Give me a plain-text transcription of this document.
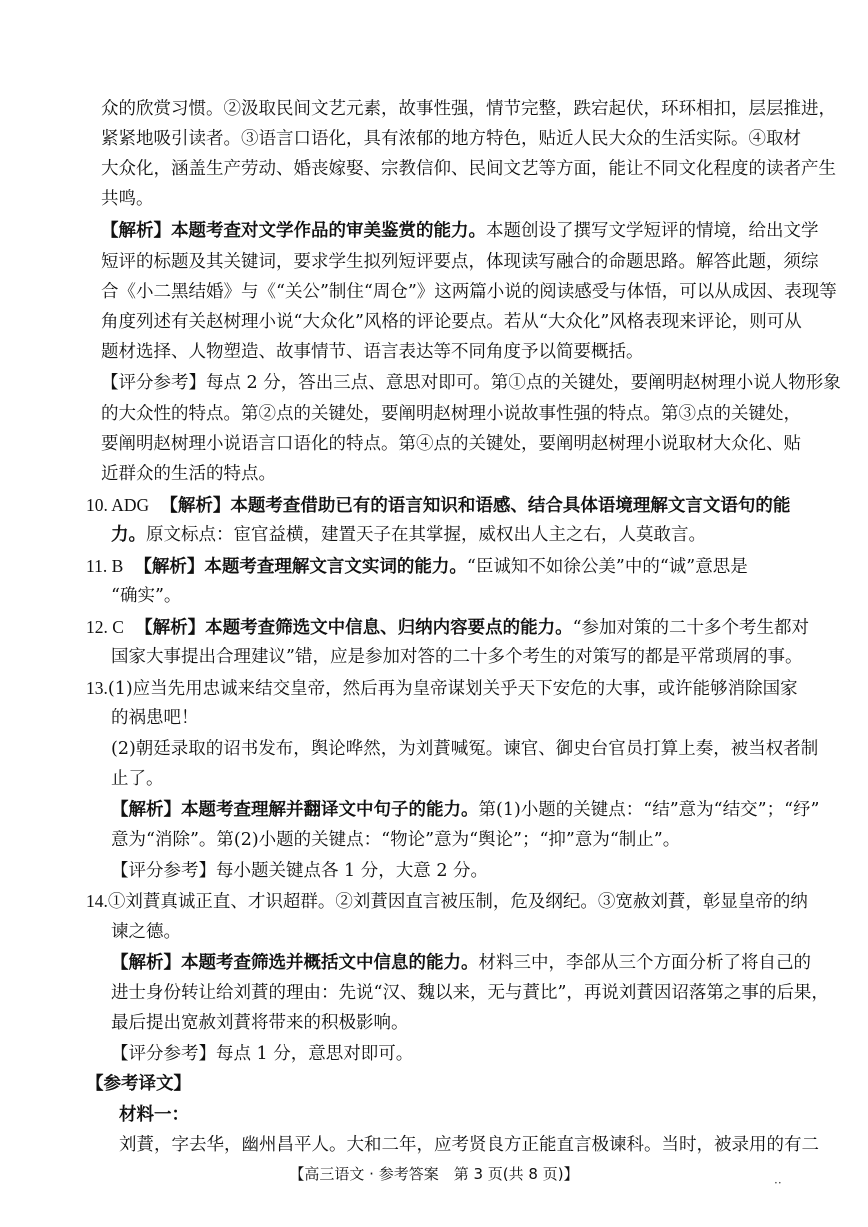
众的欣赏习惯。②汲取民间文艺元素，故事性强，情节完整，跌宕起伏，环环相扣，层层推进，
紧紧地吸引读者。③语言口语化，具有浓郁的地方特色，贴近人民大众的生活实际。④取材
大众化，涵盖生产劳动、婚丧嫁娶、宗教信仰、民间文艺等方面，能让不同文化程度的读者产生
共鸣。
【解析】本题考查对文学作品的审美鉴赏的能力。本题创设了撰写文学短评的情境，给出文学
短评的标题及其关键词，要求学生拟列短评要点，体现读写融合的命题思路。解答此题，须综
合《小二黑结婚》与《“关公”制住“周仓”》这两篇小说的阅读感受与体悟，可以从成因、表现等
角度列述有关赵树理小说“大众化”风格的评论要点。若从“大众化”风格表现来评论，则可从
题材选择、人物塑造、故事情节、语言表达等不同角度予以简要概括。
【评分参考】每点 2 分，答出三点、意思对即可。第①点的关键处，要阐明赵树理小说人物形象
的大众性的特点。第②点的关键处，要阐明赵树理小说故事性强的特点。第③点的关键处，
要阐明赵树理小说语言口语化的特点。第④点的关键处，要阐明赵树理小说取材大众化、贴
近群众的生活的特点。
10. ADG 【解析】本题考查借助已有的语言知识和语感、结合具体语境理解文言文语句的能
力。原文标点：宦官益横，建置天子在其掌握，威权出人主之右，人莫敢言。
11. B 【解析】本题考查理解文言文实词的能力。“臣诚知不如徐公美”中的“诚”意思是
“确实”。
12. C 【解析】本题考查筛选文中信息、归纳内容要点的能力。“参加对策的二十多个考生都对
国家大事提出合理建议”错，应是参加对答的二十多个考生的对策写的都是平常琐屑的事。
13.(1)应当先用忠诚来结交皇帝，然后再为皇帝谋划关乎天下安危的大事，或许能够消除国家
的祸患吧！
(2)朝廷录取的诏书发布，舆论哗然，为刘蕡喊冤。谏官、御史台官员打算上奏，被当权者制
止了。
【解析】本题考查理解并翻译文中句子的能力。第(1)小题的关键点：“结”意为“结交”；“纾”
意为“消除”。第(2)小题的关键点：“物论”意为“舆论”；“抑”意为“制止”。
【评分参考】每小题关键点各 1 分，大意 2 分。
14.①刘蕡真诚正直、才识超群。②刘蕡因直言被压制，危及纲纪。③宽赦刘蕡，彰显皇帝的纳
谏之德。
【解析】本题考查筛选并概括文中信息的能力。材料三中，李郃从三个方面分析了将自己的
进士身份转让给刘蕡的理由：先说“汉、魏以来，无与蕡比”，再说刘蕡因诏落第之事的后果，
最后提出宽赦刘蕡将带来的积极影响。
【评分参考】每点 1 分，意思对即可。
【参考译文】
材料一：
刘蕡，字去华，幽州昌平人。大和二年，应考贤良方正能直言极谏科。当时，被录用的有二
【高三语文 · 参考答案　第 3 页(共 8 页)】	··
